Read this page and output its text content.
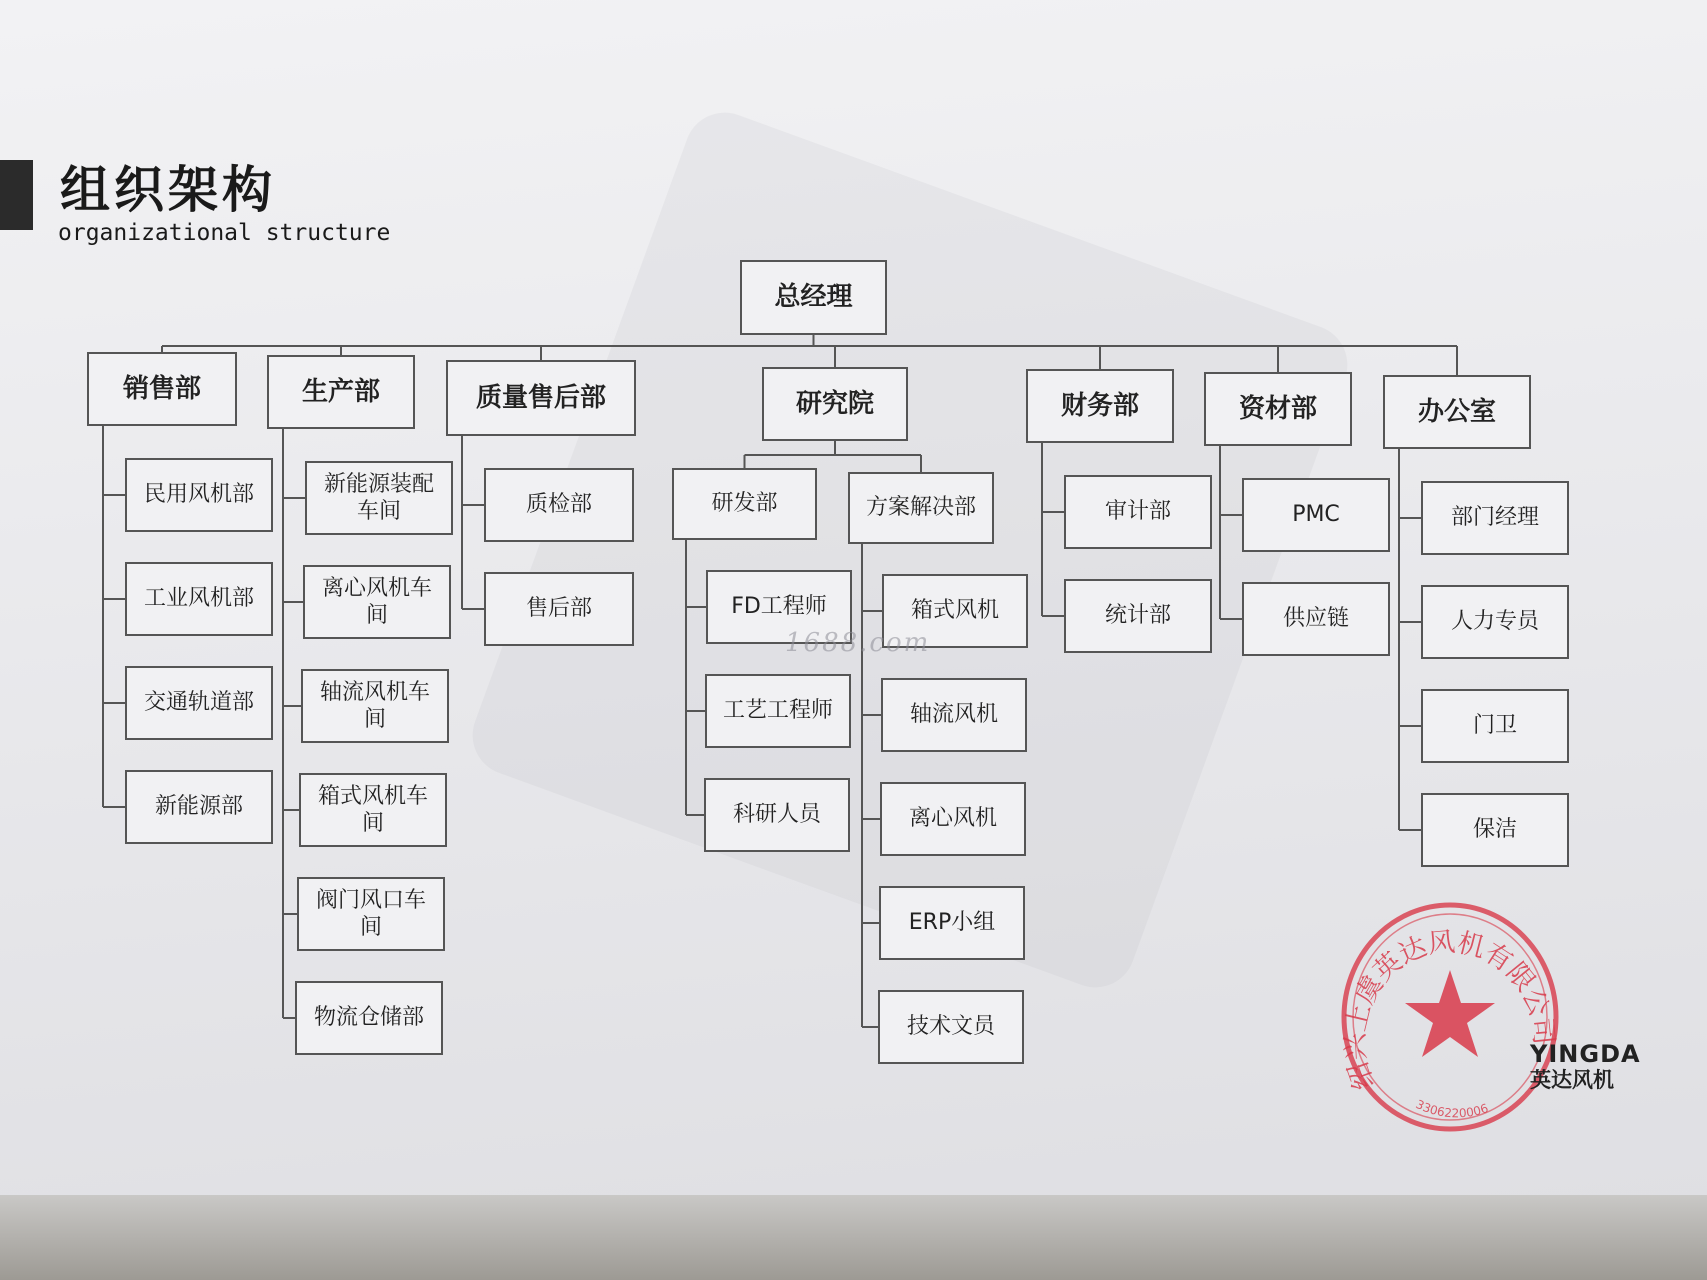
组织架构
organizational structure
总经理
销售部
民用风机部
工业风机部
交通轨道部
新能源部
生产部
新能源装配
车间
离心风机车
间
轴流风机车
间
箱式风机车
间
阀门风口车
间
物流仓储部
质量售后部
质检部
售后部
研究院
研发部
FD工程师
工艺工程师
科研人员
方案解决部
箱式风机
轴流风机
离心风机
ERP小组
技术文员
财务部
审计部
统计部
资材部
PMC
供应链
办公室
部门经理
人力专员
门卫
保洁
1688.com
绍兴上虞英达风机有限公司
3306220006
YINGDA
英达风机
